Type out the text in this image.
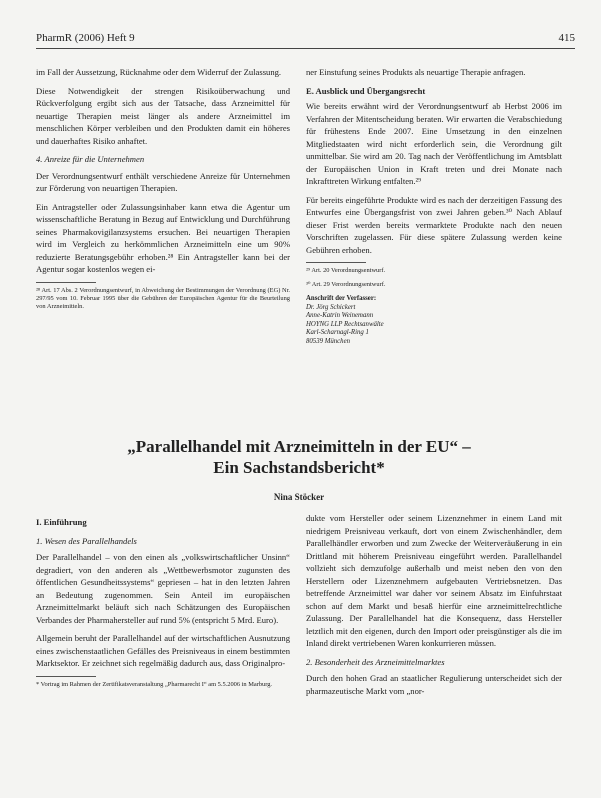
PharmR (2006) Heft 9	415

im Fall der Aussetzung, Rücknahme oder dem Widerruf der Zulassung.

Diese Notwendigkeit der strengen Risikoüberwachung und Rückverfolgung ergibt sich aus der Tatsache, dass Arzneimittel für neuartige Therapien meist länger als andere Arzneimittel im menschlichen Körper verbleiben und den Produkten damit ein höheres und dauerhaftes Risiko anhaftet.

4. Anreize für die Unternehmen

Der Verordnungsentwurf enthält verschiedene Anreize für Unternehmen zur Förderung von neuartigen Therapien.

Ein Antragsteller oder Zulassungsinhaber kann etwa die Agentur um wissenschaftliche Beratung in Bezug auf Entwicklung und Durchführung seines Pharmakovigilanzsystems ersuchen. Bei neuartigen Therapien wird im Vergleich zu herkömmlichen Arzneimitteln eine um 90% reduzierte Beratungsgebühr erhoben.²⁸ Ein Antragsteller kann bei der Agentur sogar kostenlos wegen ei-

²⁸ Art. 17 Abs. 2 Verordnungsentwurf, in Abweichung der Bestimmungen der Verordnung (EG) Nr. 297/95 vom 10. Februar 1995 über die Gebühren der Europäischen Agentur für die Beurteilung von Arzneimitteln.

ner Einstufung seines Produkts als neuartige Therapie anfragen.

E. Ausblick und Übergangsrecht

Wie bereits erwähnt wird der Verordnungsentwurf ab Herbst 2006 im Verfahren der Mitentscheidung beraten. Wir erwarten die Verabschiedung für frühestens Ende 2007. Eine Umsetzung in den einzelnen Mitgliedstaaten wird nicht erforderlich sein, die Verordnung gilt unmittelbar. Sie wird am 20. Tag nach der Veröffentlichung im Amtsblatt der Europäischen Union in Kraft treten und drei Monate nach Inkrafttreten Wirkung entfalten.²⁹

Für bereits eingeführte Produkte wird es nach der derzeitigen Fassung des Entwurfes eine Übergangsfrist von zwei Jahren geben.³⁰ Nach Ablauf dieser Frist werden bereits vermarktete Produkte nach den neuen Vorschriften zugelassen. Für diese spätere Zulassung werden keine Gebühren erhoben.

²⁹ Art. 20 Verordnungsentwurf.

³⁰ Art. 29 Verordnungsentwurf.

Anschrift der Verfasser:
Dr. Jörg Schickert
Anne-Katrin Weinemann
HOYNG LLP Rechtsanwälte
Karl-Scharnagl-Ring 1
80539 München
„Parallelhandel mit Arzneimitteln in der EU“ –
Ein Sachstandsbericht*
Nina Stöcker
I. Einführung
1. Wesen des Parallelhandels

Der Parallelhandel – von den einen als „volkswirtschaftlicher Unsinn“ degradiert, von den anderen als „Wettbewerbsmotor zugunsten des öffentlichen Gesundheitssystems“ gepriesen – hat in den letzten Jahren an Bedeutung zugenommen. Sein Anteil im europäischen Arzneimittelmarkt beläuft sich nach Schätzungen des Europäischen Verbandes der Pharmahersteller auf rund 5% (entspricht 5 Mrd. Euro).

Allgemein beruht der Parallelhandel auf der wirtschaftlichen Ausnutzung eines zwischenstaatlichen Gefälles des Preisniveaus in einem bestimmten Marktsektor. Er zeichnet sich regelmäßig dadurch aus, dass Originalpro-

* Vortrag im Rahmen der Zertifikatsveranstaltung „Pharmarecht I“ am 5.5.2006 in Marburg.

dukte vom Hersteller oder seinem Lizenznehmer in einem Land mit niedrigem Preisniveau verkauft, dort von einem Zwischenhändler, dem Parallelhändler erworben und zum Zwecke der Weiterveräußerung in ein Drittland mit höherem Preisniveau eingeführt werden. Parallelhandel vollzieht sich demzufolge außerhalb und meist neben den von den Herstellern oder Lizenznehmern aufgebauten Vertriebsnetzen. Das betreffende Arzneimittel war daher vor seinem Absatz im Einfuhrstaat schon auf dem Markt und besaß hierfür eine arzneimittelrechtliche Zulassung. Der Parallelhandel hat die Konsequenz, dass Hersteller letztlich mit den eigenen, durch den Import oder preisgünstiger als die im Inland direkt vertriebenen Waren konkurrieren müssen.

2. Besonderheit des Arzneimittelmarktes

Durch den hohen Grad an staatlicher Regulierung unterscheidet sich der pharmazeutische Markt vom „nor-
